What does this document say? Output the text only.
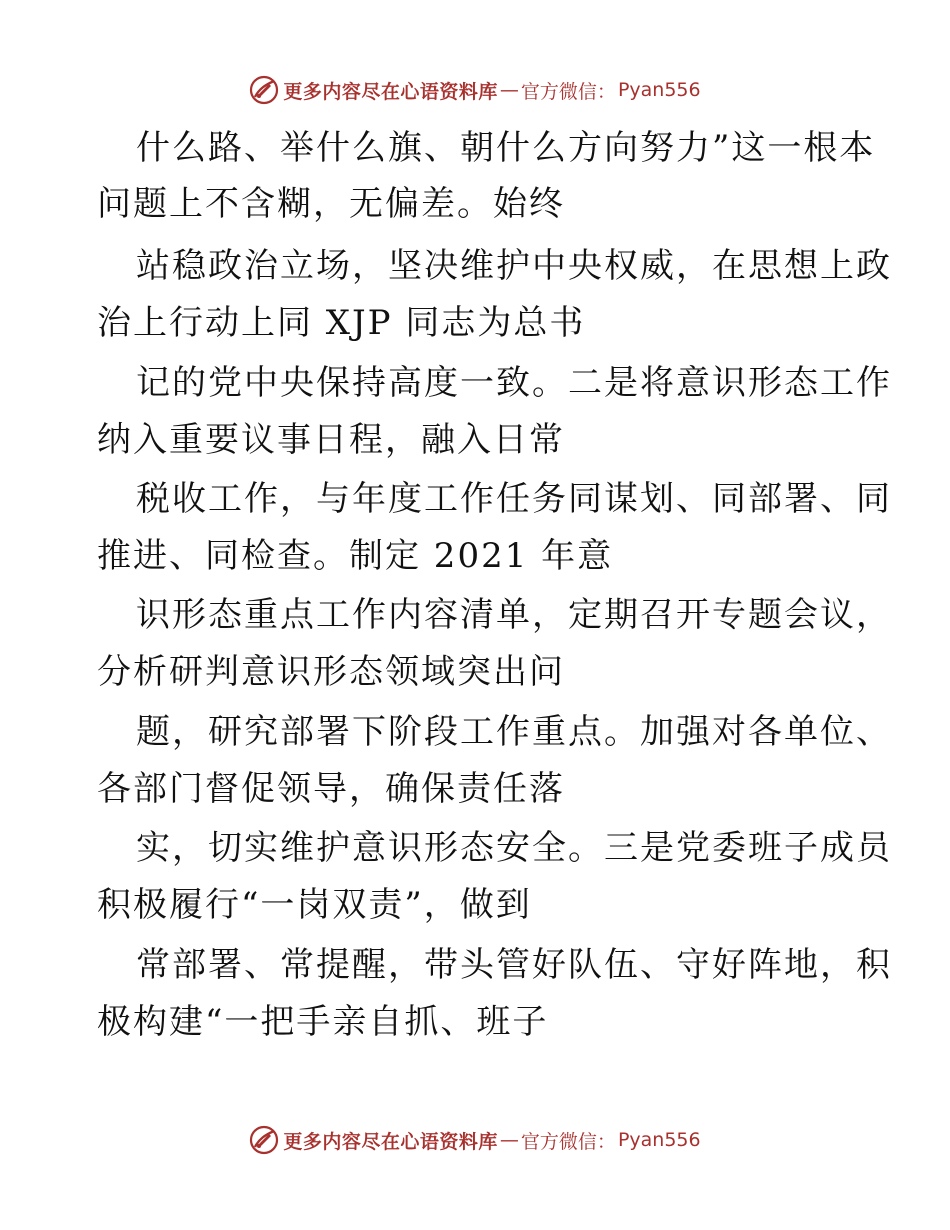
更多内容尽在心语资料库 — 官方微信： Pyan556
什么路、举什么旗、朝什么方向努力”这一根本
问题上不含糊，无偏差。始终
站稳政治立场，坚决维护中央权威，在思想上政
治上行动上同 XJP 同志为总书
记的党中央保持高度一致。二是将意识形态工作
纳入重要议事日程，融入日常
税收工作，与年度工作任务同谋划、同部署、同
推进、同检查。制定 2021 年意
识形态重点工作内容清单，定期召开专题会议，
分析研判意识形态领域突出问
题，研究部署下阶段工作重点。加强对各单位、
各部门督促领导，确保责任落
实，切实维护意识形态安全。三是党委班子成员
积极履行“一岗双责”，做到
常部署、常提醒，带头管好队伍、守好阵地，积
极构建“一把手亲自抓、班子
更多内容尽在心语资料库 — 官方微信： Pyan556
